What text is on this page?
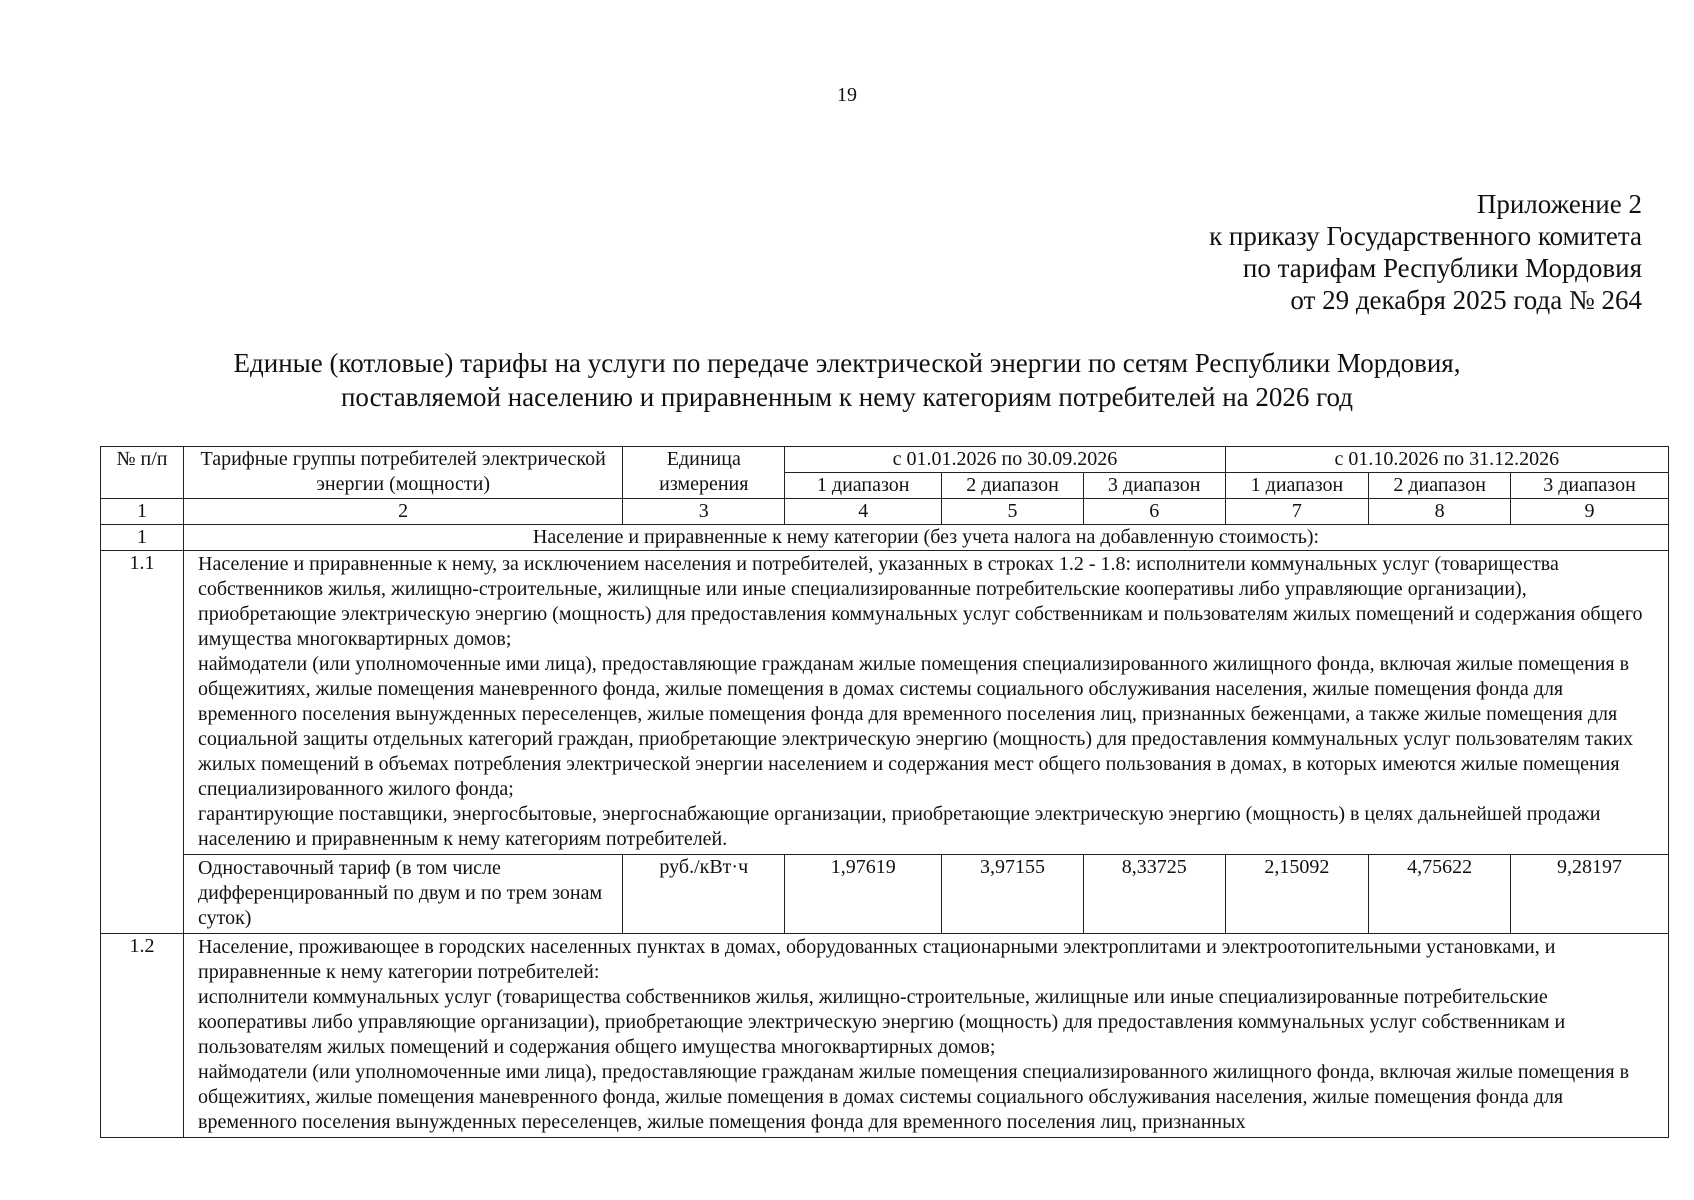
19
Приложение 2
к приказу Государственного комитета
по тарифам Республики Мордовия
от 29 декабря 2025 года № 264
Единые (котловые) тарифы на услуги по передаче электрической энергии по сетям Республики Мордовия,
поставляемой населению и приравненным к нему категориям потребителей на 2026 год
№ п/п	Тарифные группы потребителей электрической энергии (мощности)	Единица измерения	с 01.01.2026 по 30.09.2026			с 01.10.2026 по 31.12.2026		
			1 диапазон	2 диапазон	3 диапазон	1 диапазон	2 диапазон	3 диапазон
1	2	3	4	5	6	7	8	9
1	Население и приравненные к нему категории (без учета налога на добавленную стоимость):							
1.1	Население и приравненные к нему, за исключением населения и потребителей, указанных в строках 1.2 - 1.8: исполнители коммунальных услуг (товарищества собственников жилья, жилищно-строительные, жилищные или иные специализированные потребительские кооперативы либо управляющие организации), приобретающие электрическую энергию (мощность) для предоставления коммунальных услуг собственникам и пользователям жилых помещений и содержания общего имущества многоквартирных домов;

наймодатели (или уполномоченные ими лица), предоставляющие гражданам жилые помещения специализированного жилищного фонда, включая жилые помещения в общежитиях, жилые помещения маневренного фонда, жилые помещения в домах системы социального обслуживания населения, жилые помещения фонда для временного поселения вынужденных переселенцев, жилые помещения фонда для временного поселения лиц, признанных беженцами, а также жилые помещения для социальной защиты отдельных категорий граждан, приобретающие электрическую энергию (мощность) для предоставления коммунальных услуг пользователям таких жилых помещений в объемах потребления электрической энергии населением и содержания мест общего пользования в домах, в которых имеются жилые помещения специализированного жилого фонда;

гарантирующие поставщики, энергосбытовые, энергоснабжающие организации, приобретающие электрическую энергию (мощность) в целях дальнейшей продажи населению и приравненным к нему категориям потребителей.							

	Одноставочный тариф (в том числе дифференцированный по двум и по трем зонам суток)	руб./кВт·ч	1,97619	3,97155	8,33725	2,15092	4,75622	9,28197
1.2	Население, проживающее в городских населенных пунктах в домах, оборудованных стационарными электроплитами и электроотопительными установками, и приравненные к нему категории потребителей:

исполнители коммунальных услуг (товарищества собственников жилья, жилищно-строительные, жилищные или иные специализированные потребительские кооперативы либо управляющие организации), приобретающие электрическую энергию (мощность) для предоставления коммунальных услуг собственникам и пользователям жилых помещений и содержания общего имущества многоквартирных домов;

наймодатели (или уполномоченные ими лица), предоставляющие гражданам жилые помещения специализированного жилищного фонда, включая жилые помещения в общежитиях, жилые помещения маневренного фонда, жилые помещения в домах системы социального обслуживания населения, жилые помещения фонда для временного поселения вынужденных переселенцев, жилые помещения фонда для временного поселения лиц, признанных							
